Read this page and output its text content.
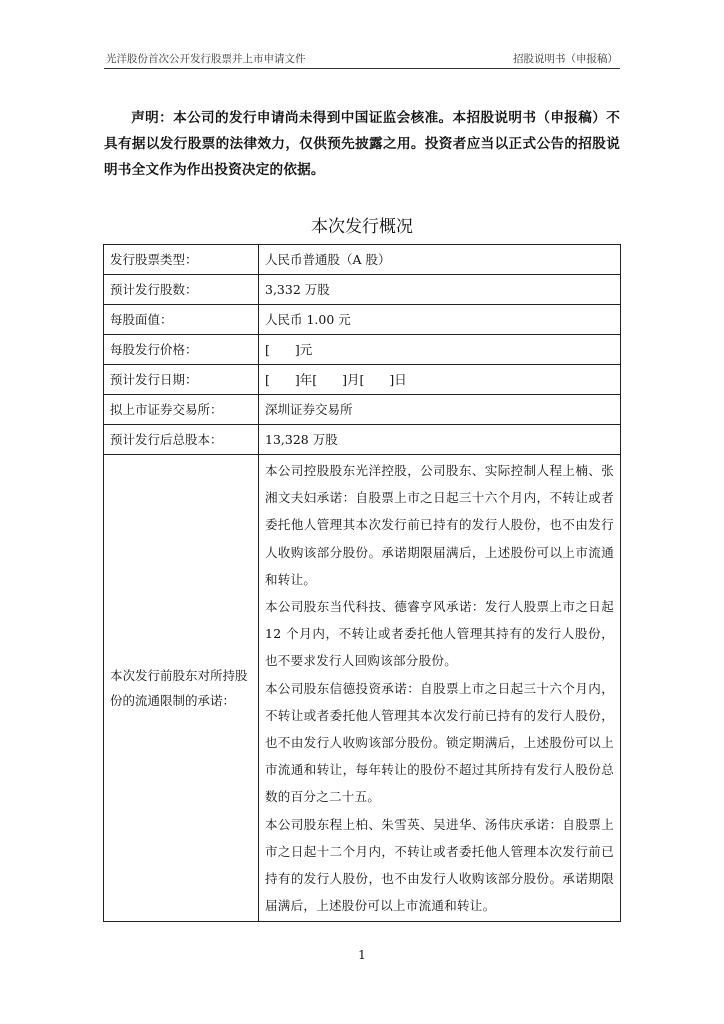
光洋股份首次公开发行股票并上市申请文件	招股说明书（申报稿）
声明：本公司的发行申请尚未得到中国证监会核准。本招股说明书（申报稿）不具有据以发行股票的法律效力，仅供预先披露之用。投资者应当以正式公告的招股说明书全文作为作出投资决定的依据。
本次发行概况
发行股票类型：	人民币普通股（A 股）
预计发行股数：	3,332 万股
每股面值：	人民币 1.00 元
每股发行价格：	[　　]元
预计发行日期：	[　　]年[　　]月[　　]日
拟上市证券交易所：	深圳证券交易所
预计发行后总股本：	13,328 万股
本次发行前股东对所持股份的流通限制的承诺：	本公司控股股东光洋控股，公司股东、实际控制人程上楠、张湘文夫妇承诺：自股票上市之日起三十六个月内，不转让或者委托他人管理其本次发行前已持有的发行人股份，也不由发行人收购该部分股份。承诺期限届满后，上述股份可以上市流通和转让。
本公司股东当代科技、德睿亨风承诺：发行人股票上市之日起 12 个月内，不转让或者委托他人管理其持有的发行人股份，也不要求发行人回购该部分股份。
本公司股东信德投资承诺：自股票上市之日起三十六个月内，不转让或者委托他人管理其本次发行前已持有的发行人股份，也不由发行人收购该部分股份。锁定期满后，上述股份可以上市流通和转让，每年转让的股份不超过其所持有发行人股份总数的百分之二十五。
本公司股东程上柏、朱雪英、吴进华、汤伟庆承诺：自股票上市之日起十二个月内，不转让或者委托他人管理本次发行前已持有的发行人股份，也不由发行人收购该部分股份。承诺期限届满后，上述股份可以上市流通和转让。
1
